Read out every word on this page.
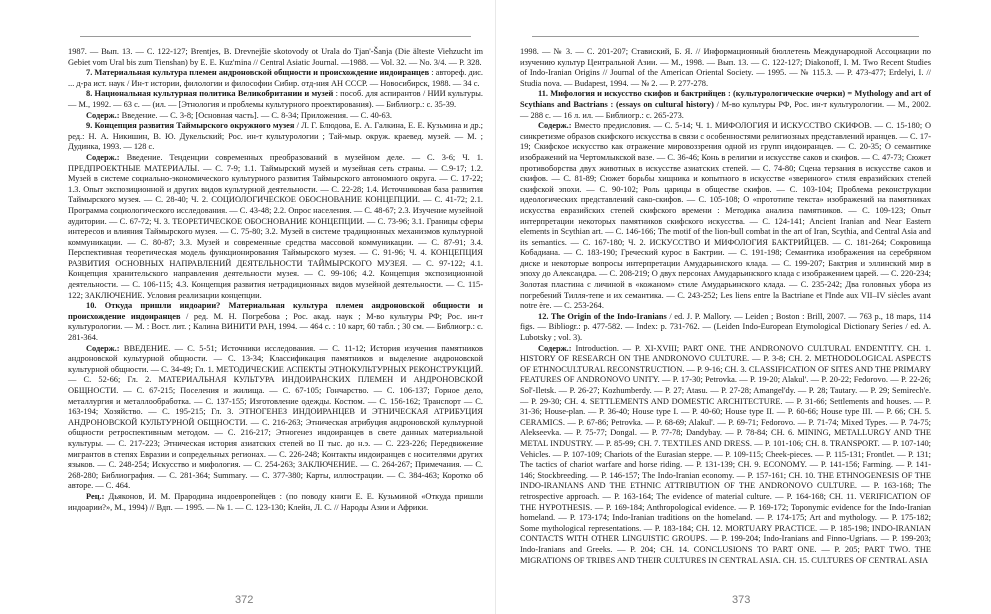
1987. — Вып. 13. — С. 122-127; Brentjes, B. Drevnejšie skotovody ot Urala do Tjan'-Šanja (Die älteste Viehzucht im Gebiet vom Ural bis zum Tienshan) by E. E. Kuz'mina // Central Asiatic Journal. —1988. — Vol. 32. — No. 3/4. — P. 328.

7. Материальная культура племен андроновской общности и происхождение индоиранцев : автореф. дис. ... д-ра ист. наук / Ин-т истории, филологии и философии Сибир. отд-ния АН СССР. — Новосибирск, 1988. — 34 с.

8. Национальная культурная политика Великобритании и музей : пособ. для аспирантов / НИИ культуры. — М., 1992. — 63 с. — (ил. — [Этнология и проблемы культурного проектирования). — Библиогр.: с. 35-39.

Содерж.: Введение. — С. 3-8; [Основная часть]. — С. 8-34; Приложения. — С. 40-63.

9. Концепция развития Таймырского окружного музея / Л. Г. Блюдова, Е. А. Галкина, Е. Е. Кузьмина и др.; ред.: Н. А. Никишин, В. Ю. Дукельский; Рос. ин-т культурологии ; Тай-мыр. окруж. краевед. музей. — М. ; Дудинка, 1993. — 128 с.

Содерж.: Введение. Тенденции современных преобразований в музейном деле. — С. 3-6; Ч. 1. ПРЕДПРОЕКТНЫЕ МАТЕРИАЛЫ. — С. 7-9; 1.1. Таймырский музей и музейная сеть страны. — С.9-17; 1.2. Музей в системе социально-экономического культурного развития Таймырского автономного округа. — С. 17-22; 1.3. Опыт экспозиционной и других видов культурной деятельности. — С. 22-28; 1.4. Источниковая база развития Таймырского музея. — С. 28-40; Ч. 2. СОЦИОЛОГИЧЕСКОЕ ОБОСНОВАНИЕ КОНЦЕПЦИИ. — С. 41-72; 2.1. Программа социологического исследования. — С. 43-48; 2.2. Опрос населения. — С. 48-67; 2.3. Изучение музейной аудитории. — С. 67-72; Ч. 3. ТЕОРЕТИЧЕСКОЕ ОБОСНОВАНИЕ КОНЦЕПЦИИ. — С. 73-96; 3.1. Границы сферы интересов и влияния Таймырского музея. — С. 75-80; 3.2. Музей в системе традиционных механизмов культурной коммуникации. — С. 80-87; 3.3. Музей и современные средства массовой коммуникации. — С. 87-91; 3.4. Перспективная теоретическая модель функционирования Таймырского музея. — С. 91-96; Ч. 4. КОНЦЕПЦИЯ РАЗВИТИЯ ОСНОВНЫХ НАПРАВЛЕНИЙ ДЕЯТЕЛЬНОСТИ ТАЙМЫРСКОГО МУЗЕЯ. — С. 97-122; 4.1. Концепция хранительского направления деятельности музея. — С. 99-106; 4.2. Концепция экспозиционной деятельности. — С. 106-115; 4.3. Концепция развития нетрадиционных видов музейной деятельности. — С. 115-122; ЗАКЛЮЧЕНИЕ. Условия реализации концепции.

10. Откуда пришли индоарии? Материальная культура племен андроновской общности и происхождение индоиранцев / ред. М. Н. Погребова ; Рос. акад. наук ; М-во культуры РФ; Рос. ин-т культурологии. — М. : Вост. лит. ; Калина ВИНИТИ РАН, 1994. — 464 с. : 10 карт, 60 табл. ; 30 см. — Библиогр.: с. 281-364.

Содерж.: ВВЕДЕНИЕ. — С. 5-51; Источники исследования. — С. 11-12; История изучения памятников андроновской культурной общности. — С. 13-34; Классификация памятников и выделение андроновской культурной общности. — С. 34-49; Гл. 1. МЕТОДИЧЕСКИЕ АСПЕКТЫ ЭТНОКУЛЬТУРНЫХ РЕКОНСТРУКЦИЙ. — С. 52-66; Гл. 2. МАТЕРИАЛЬНАЯ КУЛЬТУРА ИНДОИРАНСКИХ ПЛЕМЕН И АНДРОНОВСКОЙ ОБЩНОСТИ. — С. 67-215; Поселения и жилища. — С. 67-105; Гончарство. — С. 106-137; Горное дело, металлургия и металлообработка. — С. 137-155; Изготовление одежды. Костюм. — С. 156-162; Транспорт — С. 163-194; Хозяйство. — С. 195-215; Гл. 3. ЭТНОГЕНЕЗ ИНДОИРАНЦЕВ И ЭТНИЧЕСКАЯ АТРИБУЦИЯ АНДРОНОВСКОЙ КУЛЬТУРНОЙ ОБЩНОСТИ. — С. 216-263; Этническая атрибуция андроновской культурной общности ретроспективным методом. — С. 216-217; Этногенез индоиранцев в свете данных материальной культуры. — С. 217-223; Этническая история азиатских степей во II тыс. до н.э. — С. 223-226; Передвижение мигрантов в степях Евразии и сопредельных регионах. — С. 226-248; Контакты индоиранцев с носителями других языков. — С. 248-254; Искусство и мифология. — С. 254-263; ЗАКЛЮЧЕНИЕ. — С. 264-267; Примечания. — С. 268-280; Библиография. — С. 281-364; Summary. — С. 377-380; Карты, иллюстрации. — С. 384-463; Коротко об авторе. — С. 464.

Рец.: Дьяконов, И. М. Прародина индоевропейцев : (по поводу книги Е. Е. Кузьминой «Откуда пришли индоарии?», М., 1994) // Вдп. — 1995. — № 1. — С. 123-130; Клейн, Л. С. // Народы Азии и Африки.

372

1998. — № 3. — С. 201-207; Ставиский, Б. Я. // Информационный бюллетень Международной Ассоциации по изучению культур Центральной Азии. — М., 1998. — Вып. 13. — С. 122-127; Diakonoff, I. M. Two Recent Studies of Indo-Iranian Origins // Journal of the American Oriental Society. — 1995. — № 115.3. — P. 473-477; Erdelyi, I. // Studia nova. — Budapest, 1994. — № 2. — P. 277-278.

11. Мифология и искусство скифов и бактрийцев : (культурологические очерки) = Mythology and art of Scythians and Bactrians : (essays on cultural history) / М-во культуры РФ, Рос. ин-т культурологии. — М., 2002. — 288 с. — 16 л. ил. — Библиогр.: с. 265-273.

Содерж.: Вместо предисловия. — С. 5-14; Ч. 1. МИФОЛОГИЯ И ИСКУССТВО СКИФОВ. — С. 15-180; О синкретизме образов скифского искусства в связи с особенностями религиозных представлений иранцев. — С. 17-19; Скифское искусство как отражение мировоззрения одной из групп индоиранцев. — С. 20-35; О семантике изображений на Чертомлыкской вазе. — С. 36-46; Конь в религии и искусстве саков и скифов. — С. 47-73; Сюжет противоборства двух животных в искусстве азиатских степей. — С. 74-80; Сцена терзания в искусстве саков и скифов. — С. 81-89; Сюжет борьбы хищника и копытного в искусстве «звериного» стиля евразийских степей скифской эпохи. — С. 90-102; Роль царицы в обществе скифов. — С. 103-104; Проблема реконструкции идеологических представлений сако-скифов. — С. 105-108; О «прототипе текста» изображений на памятниках искусства евразийских степей скифского времени : Методика анализа памятников. — С. 109-123; Опыт интерпретации некоторых памятников скифского искусства. — С. 124-141; Ancient Iranian and Near Eastern elements in Scythian art. — С. 146-166; The motif of the lion-bull combat in the art of Iran, Scythia, and Central Asia and its semantics. — С. 167-180; Ч. 2. ИСКУССТВО И МИФОЛОГИЯ БАКТРИЙЦЕВ. — С. 181-264; Сокровища Кобадиана. — С. 183-190; Греческий курос в Бактрии. — С. 191-198; Семантика изображения на серебряном диске и некоторые вопросы интерпретации Амударьинского клада. — С. 199-207; Бактрия и эллинский мир в эпоху до Александра. — С. 208-219; О двух персонах Амударьинского клада с изображением царей. — С. 220-234; Золотая пластина с личиной в «кожаном» стиле Амударьинского клада. — С. 235-242; Два головных убора из погребений Тилля-тепе и их семантика. — С. 243-252; Les liens entre la Bactriane et l'Inde aux VII–IV siècles avant notre ère. — С. 253-264.

12. The Origin of the Indo-Iranians / ed. J. P. Mallory. — Leiden ; Boston : Brill, 2007. — 763 p., 18 maps, 114 figs. — Bibliogr.: p. 477-582. — Index: p. 731-762. — (Leiden Indo-European Etymological Dictionary Series / ed. A. Lubotsky ; vol. 3).

Содерж.: Introduction. — P. XI-XVIII; PART ONE. THE ANDRONOVO CULTURAL ENDENTITY. CH. 1. HISTORY OF RESEARCH ON THE ANDRONOVO CULTURE. — P. 3-8; CH. 2. METHODOLOGICAL ASPECTS OF ETHNOCULTURAL RECONSTRUCTION. — P. 9-16; CH. 3. CLASSIFICATION OF SITES AND THE PRIMARY FEATURES OF ANDRONOVO UNITY. — P. 17-30; Petrovka. — P. 19-20; Alakul'. — P. 20-22; Fedorovo. — P. 22-26; Sol'-Iletsk. — P. 26-27; Kozhumberdy. — P. 27; Atasu. — P. 27-28; Amangel'dy. — P. 28; Tautary. — P. 29; Semirech'e. — P. 29-30; CH. 4. SETTLEMENTS AND DOMESTIC ARCHITECTURE. — P. 31-66; Settlements and houses. — P. 31-36; House-plan. — P. 36-40; House type I. — P. 40-60; House type II. — P. 60-66; House type III. — P. 66; CH. 5. CERAMICS. — P. 67-86; Petrovka. — P. 68-69; Alakul'. — P. 69-71; Fedorovo. — P. 71-74; Mixed Types. — P. 74-75; Alekseevka. — P. 75-77; Dongal. — P. 77-78; Dandybay. — P. 78-84; CH. 6. MINING, METALLURGY AND THE METAL INDUSTRY. — P. 85-99; CH. 7. TEXTILES AND DRESS. — P. 101-106; CH. 8. TRANSPORT. — P. 107-140; Vehicles. — P. 107-109; Chariots of the Eurasian steppe. — P. 109-115; Cheek-pieces. — P. 115-131; Frontlet. — P. 131; The tactics of chariot warfare and horse riding. — P. 131-139; CH. 9. ECONOMY. — P. 141-156; Farming. — P. 141-146; Stockbreeding. — P. 146-157; The Indo-Iranian economy. — P. 157-161; CH. 10. THE ETHNOGENESIS OF THE INDO-IRANIANS AND THE ETHNIC ATTRIBUTION OF THE ANDRONOVO CULTURE. — P. 163-168; The retrospective approach. — P. 163-164; The evidence of material culture. — P. 164-168; CH. 11. VERIFICATION OF THE HYPOTHESIS. — P. 169-184; Anthropological evidence. — P. 169-172; Toponymic evidence for the Indo-Iranian homeland. — P. 173-174; Indo-Iranian traditions on the homeland. — P. 174-175; Art and mythology. — P. 175-182; Some mythological representations. — P. 183-184; CH. 12. MORTUARY PRACTICE. — P. 185-198; INDO-IRANIAN CONTACTS WITH OTHER LINGUISTIC GROUPS. — P. 199-204; Indo-Iranians and Finno-Ugrians. — P. 199-203; Indo-Iranians and Greeks. — P. 204; CH. 14. CONCLUSIONS TO PART ONE. — P. 205; PART TWO. THE MIGRATIONS OF TRIBES AND THEIR CULTURES IN CENTRAL ASIA. CH. 15. CULTURES OF CENTRAL ASIA

373
